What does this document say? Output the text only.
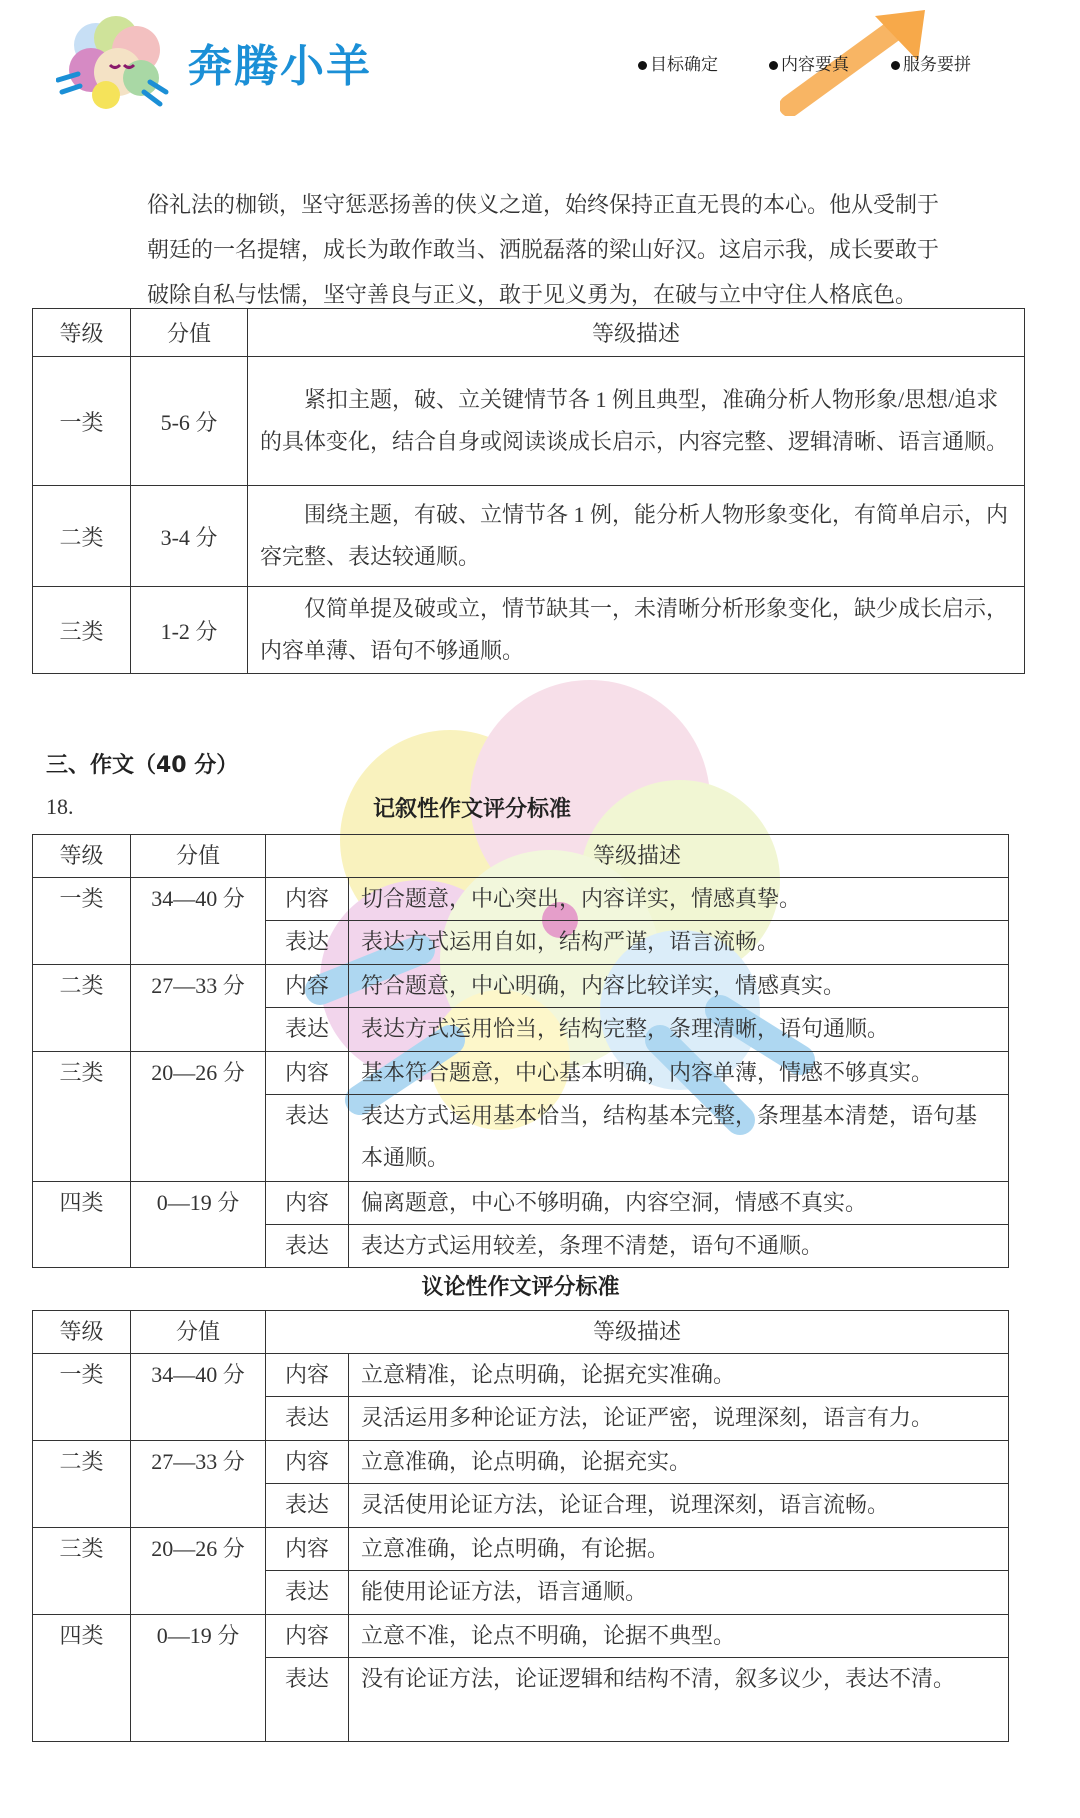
奔腾小羊	目标确定	内容要真	服务要拼
俗礼法的枷锁，坚守惩恶扬善的侠义之道，始终保持正直无畏的本心。他从受制于
朝廷的一名提辖，成长为敢作敢当、洒脱磊落的梁山好汉。这启示我，成长要敢于
破除自私与怯懦，坚守善良与正义，敢于见义勇为，在破与立中守住人格底色。
等级	分值	等级描述
一类	5-6 分	紧扣主题，破、立关键情节各 1 例且典型，准确分析人物形象/思想/追求的具体变化，结合自身或阅读谈成长启示，内容完整、逻辑清晰、语言通顺。
二类	3-4 分	围绕主题，有破、立情节各 1 例，能分析人物形象变化，有简单启示，内容完整、表达较通顺。
三类	1-2 分	仅简单提及破或立，情节缺其一，未清晰分析形象变化，缺少成长启示，内容单薄、语句不够通顺。
三、作文（40 分）
18.	记叙性作文评分标准
等级	分值	等级描述	
一类	34—40 分	内容	切合题意，中心突出，内容详实，情感真挚。
		表达	表达方式运用自如，结构严谨，语言流畅。
二类	27—33 分	内容	符合题意，中心明确，内容比较详实，情感真实。
		表达	表达方式运用恰当，结构完整，条理清晰，语句通顺。
三类	20—26 分	内容	基本符合题意，中心基本明确，内容单薄，情感不够真实。
		表达	表达方式运用基本恰当，结构基本完整，条理基本清楚，语句基本通顺。
四类	0—19 分	内容	偏离题意，中心不够明确，内容空洞，情感不真实。
		表达	表达方式运用较差，条理不清楚，语句不通顺。
议论性作文评分标准
等级	分值	等级描述	
一类	34—40 分	内容	立意精准，论点明确，论据充实准确。
		表达	灵活运用多种论证方法，论证严密，说理深刻，语言有力。
二类	27—33 分	内容	立意准确，论点明确，论据充实。
		表达	灵活使用论证方法，论证合理，说理深刻，语言流畅。
三类	20—26 分	内容	立意准确，论点明确，有论据。
		表达	能使用论证方法，语言通顺。
四类	0—19 分	内容	立意不准，论点不明确，论据不典型。
		表达	没有论证方法，论证逻辑和结构不清，叙多议少，表达不清。
